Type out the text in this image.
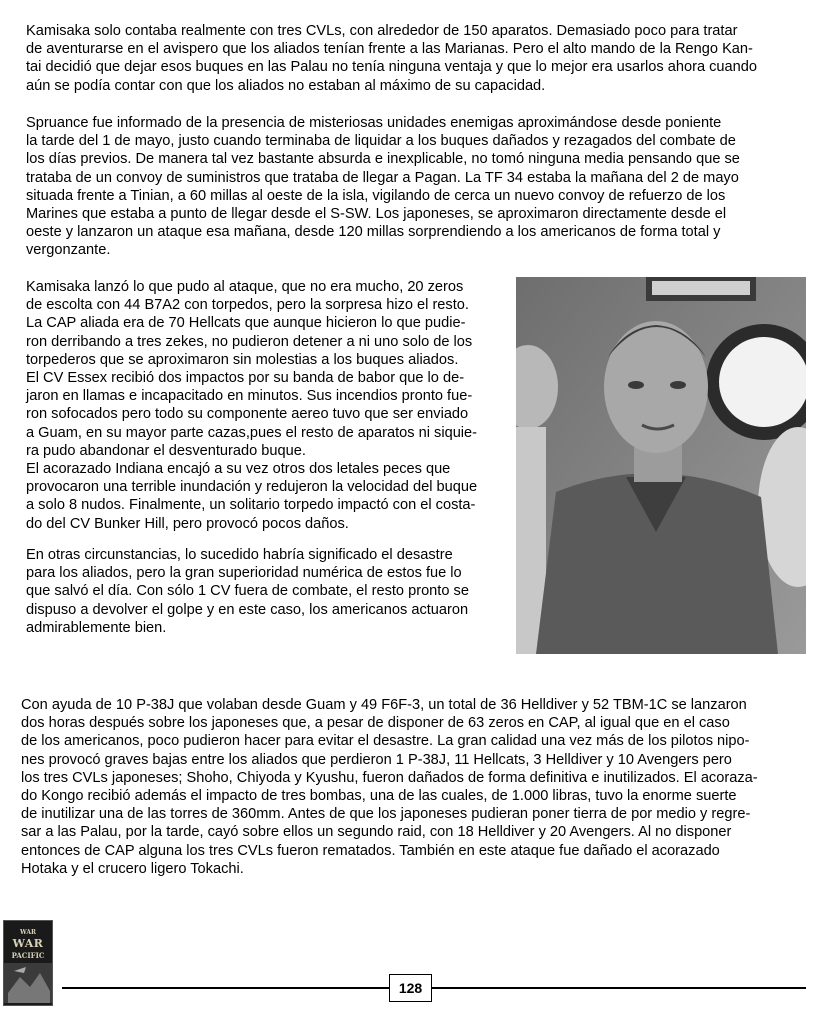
Kamisaka solo contaba realmente con tres CVLs, con alrededor de 150 aparatos. Demasiado poco para tratar
de aventurarse en el avispero que los aliados tenían frente a las Marianas. Pero el alto mando de la Rengo Kan-
tai decidió que dejar esos buques en las Palau no tenía ninguna ventaja y que lo mejor era usarlos ahora cuando
aún se podía contar con que los aliados no estaban al máximo de su capacidad.

Spruance fue informado de la presencia de misteriosas unidades enemigas aproximándose desde poniente
la tarde del 1 de mayo, justo cuando terminaba de liquidar a los buques dañados y rezagados del combate de
los días previos. De manera tal vez bastante absurda e inexplicable, no tomó ninguna media pensando que se
trataba de un convoy de suministros que trataba de llegar a Pagan. La TF 34 estaba la mañana del 2 de mayo
situada frente a Tinian, a 60 millas al oeste de la isla, vigilando de cerca un nuevo convoy de refuerzo de los
Marines que estaba a punto de llegar desde el S-SW. Los japoneses, se aproximaron directamente desde el
oeste y lanzaron un ataque esa mañana, desde 120 millas sorprendiendo a los americanos de forma total y
vergonzante.

Kamisaka lanzó lo que pudo al ataque, que no era mucho, 20 zeros
de escolta con 44 B7A2 con torpedos, pero la sorpresa hizo el resto.
La CAP aliada era de 70 Hellcats que aunque hicieron lo que pudie-
ron derribando a tres zekes, no pudieron detener a ni uno solo de los
torpederos que se aproximaron sin molestias a los buques aliados.
El CV Essex recibió dos impactos por su banda de babor que lo de-
jaron en llamas e incapacitado en minutos. Sus incendios pronto fue-
ron sofocados pero todo su componente aereo tuvo que ser enviado
a Guam, en su mayor parte cazas,pues el resto de aparatos ni siquie-
ra pudo abandonar el desventurado buque.
El acorazado Indiana encajó a su vez otros dos letales peces que
provocaron una terrible inundación y redujeron la velocidad del buque
a solo 8 nudos. Finalmente, un solitario torpedo impactó con el costa-
do del CV Bunker Hill, pero provocó pocos daños.

En otras circunstancias, lo sucedido habría significado el desastre
para los aliados, pero la gran superioridad numérica de estos fue lo
que salvó el día. Con sólo 1 CV fuera de combate, el resto pronto se
dispuso a devolver el golpe y en este caso, los americanos actuaron
admirablemente bien.

Con ayuda de 10 P-38J que volaban desde Guam y 49 F6F-3, un total de 36 Helldiver y 52 TBM-1C se lanzaron
dos horas después sobre los japoneses que, a pesar de disponer de 63 zeros en CAP, al igual que en el caso
de los americanos, poco pudieron hacer para evitar el desastre. La gran calidad una vez más de los pilotos nipo-
nes provocó graves bajas entre los aliados que perdieron 1 P-38J, 11 Hellcats, 3 Helldiver y 10 Avengers pero
los tres CVLs japoneses; Shoho, Chiyoda y Kyushu, fueron dañados de forma definitiva e inutilizados. El acoraza-
do Kongo recibió además el impacto de tres bombas, una de las cuales, de 1.000 libras, tuvo la enorme suerte
de inutilizar una de las torres de 360mm. Antes de que los japoneses pudieran poner tierra de por medio y regre-
sar a las Palau, por la tarde, cayó sobre ellos un segundo raid, con 18 Helldiver y 20 Avengers. Al no disponer
entonces de CAP alguna los tres CVLs fueron rematados. También en este ataque fue dañado el acorazado
Hotaka y el crucero ligero Tokachi.

WAR
WAR
PACIFIC
128
